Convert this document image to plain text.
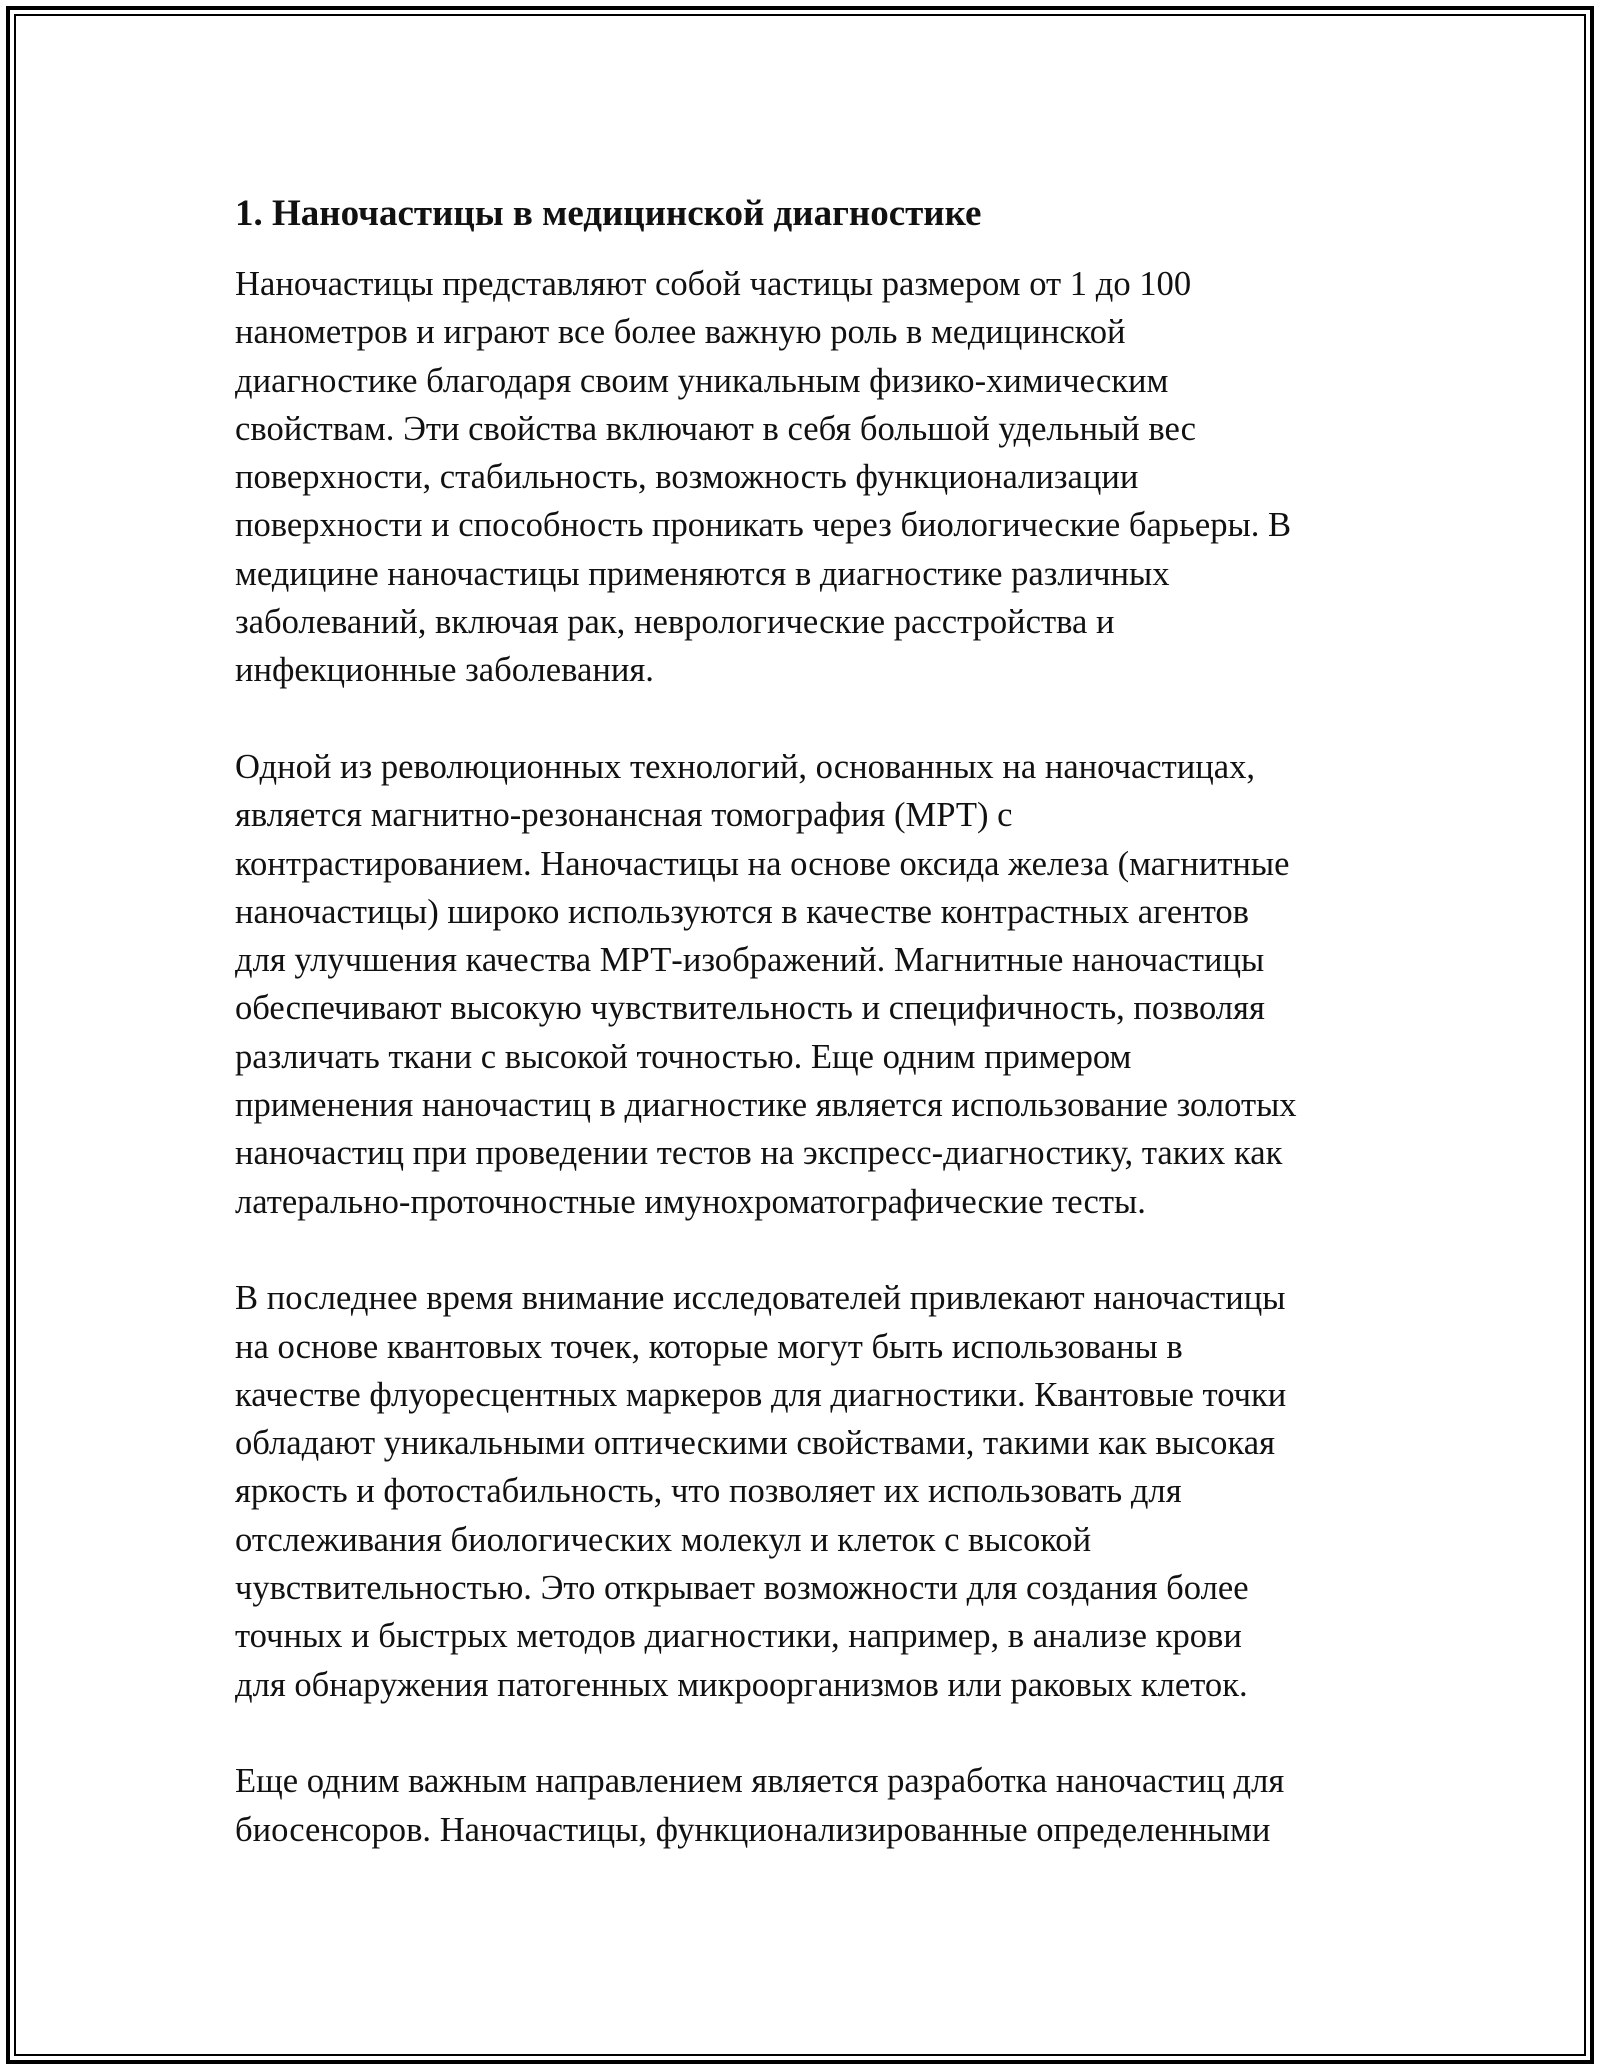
1. Наночастицы в медицинской диагностике

Наночастицы представляют собой частицы размером от 1 до 100
нанометров и играют все более важную роль в медицинской
диагностике благодаря своим уникальным физико-химическим
свойствам. Эти свойства включают в себя большой удельный вес
поверхности, стабильность, возможность функционализации
поверхности и способность проникать через биологические барьеры. В
медицине наночастицы применяются в диагностике различных
заболеваний, включая рак, неврологические расстройства и
инфекционные заболевания.

Одной из революционных технологий, основанных на наночастицах,
является магнитно-резонансная томография (МРТ) с
контрастированием. Наночастицы на основе оксида железа (магнитные
наночастицы) широко используются в качестве контрастных агентов
для улучшения качества МРТ-изображений. Магнитные наночастицы
обеспечивают высокую чувствительность и специфичность, позволяя
различать ткани с высокой точностью. Еще одним примером
применения наночастиц в диагностике является использование золотых
наночастиц при проведении тестов на экспресс-диагностику, таких как
латерально-проточностные имунохроматографические тесты.

В последнее время внимание исследователей привлекают наночастицы
на основе квантовых точек, которые могут быть использованы в
качестве флуоресцентных маркеров для диагностики. Квантовые точки
обладают уникальными оптическими свойствами, такими как высокая
яркость и фотостабильность, что позволяет их использовать для
отслеживания биологических молекул и клеток с высокой
чувствительностью. Это открывает возможности для создания более
точных и быстрых методов диагностики, например, в анализе крови
для обнаружения патогенных микроорганизмов или раковых клеток.

Еще одним важным направлением является разработка наночастиц для
биосенсоров. Наночастицы, функционализированные определенными
